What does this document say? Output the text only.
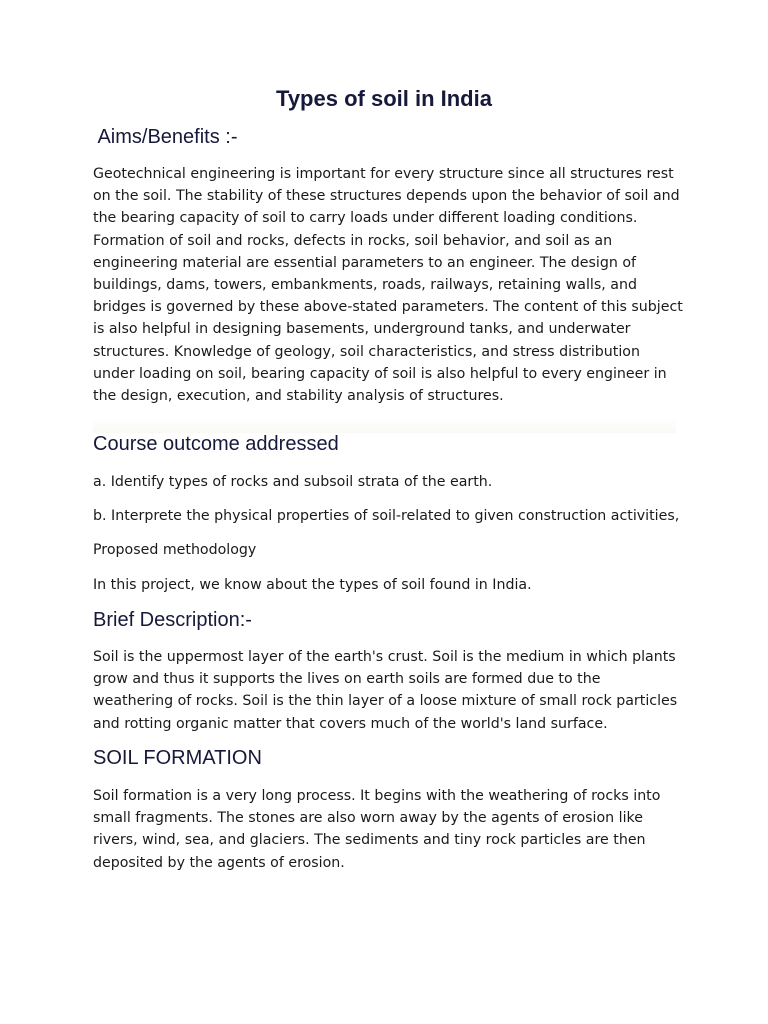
Types of soil in India
Aims/Benefits :-

Geotechnical engineering is important for every structure since all structures rest on the soil. The stability of these structures depends upon the behavior of soil and the bearing capacity of soil to carry loads under different loading conditions. Formation of soil and rocks, defects in rocks, soil behavior, and soil as an engineering material are essential parameters to an engineer. The design of buildings, dams, towers, embankments, roads, railways, retaining walls, and bridges is governed by these above-stated parameters. The content of this subject is also helpful in designing basements, underground tanks, and underwater structures. Knowledge of geology, soil characteristics, and stress distribution under loading on soil, bearing capacity of soil is also helpful to every engineer in the design, execution, and stability analysis of structures.

Course outcome addressed

a. Identify types of rocks and subsoil strata of the earth.

b. Interprete the physical properties of soil-related to given construction activities,

Proposed methodology

In this project, we know about the types of soil found in India.

Brief Description:-

Soil is the uppermost layer of the earth's crust. Soil is the medium in which plants grow and thus it supports the lives on earth soils are formed due to the weathering of rocks. Soil is the thin layer of a loose mixture of small rock particles and rotting organic matter that covers much of the world's land surface.

SOIL FORMATION

Soil formation is a very long process. It begins with the weathering of rocks into small fragments. The stones are also worn away by the agents of erosion like rivers, wind, sea, and glaciers. The sediments and tiny rock particles are then deposited by the agents of erosion.
